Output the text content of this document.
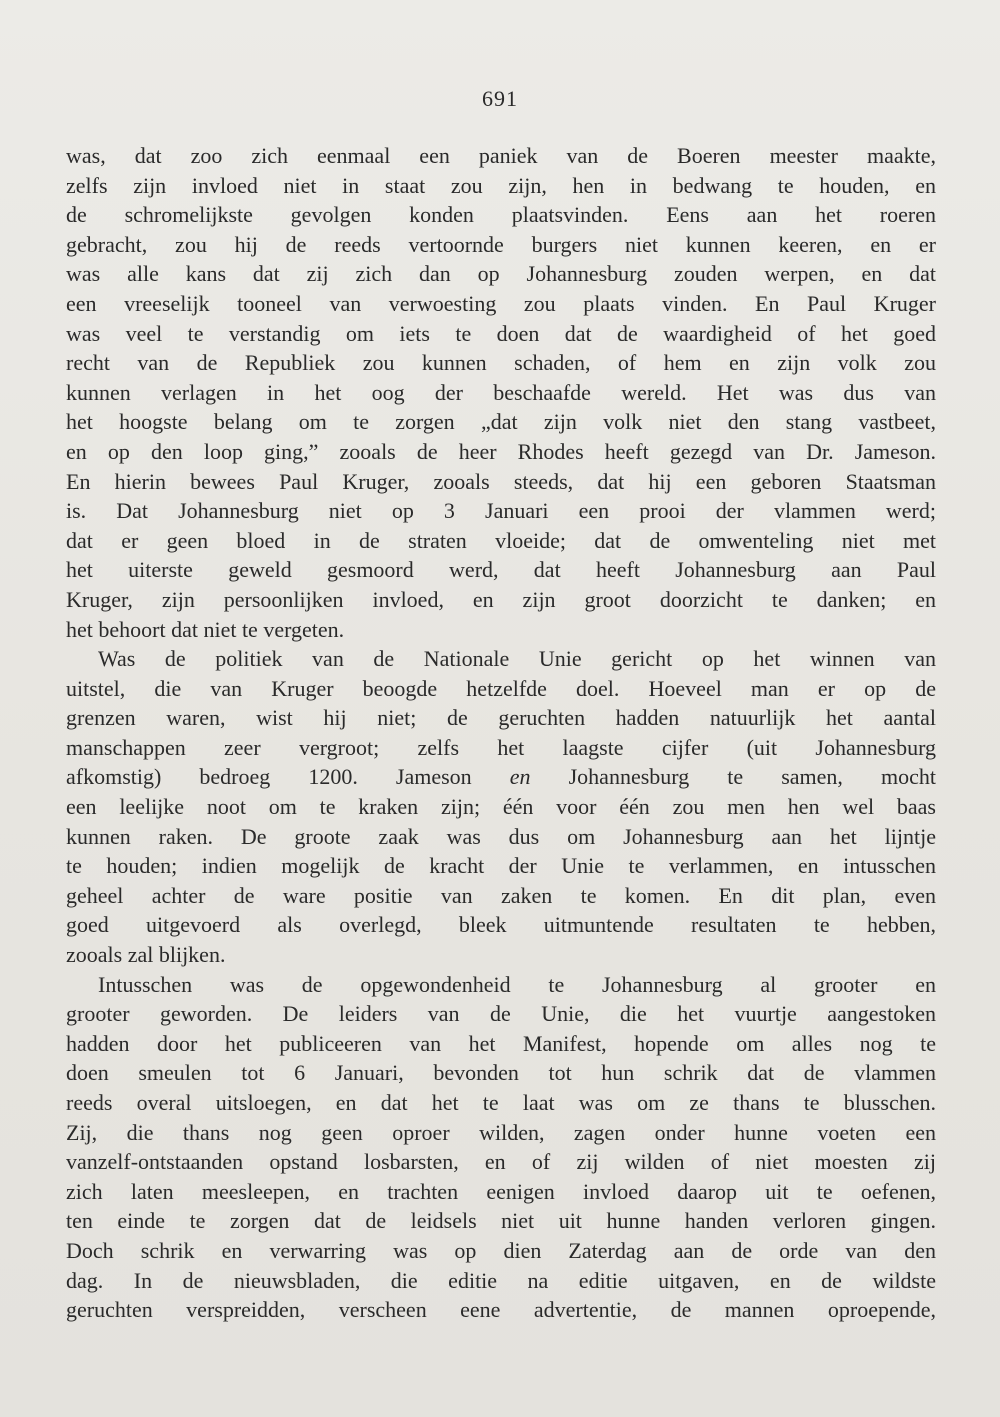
691
was, dat zoo zich eenmaal een paniek van de Boeren meester maakte,
zelfs zijn invloed niet in staat zou zijn, hen in bedwang te houden, en
de schromelijkste gevolgen konden plaatsvinden. Eens aan het roeren
gebracht, zou hij de reeds vertoornde burgers niet kunnen keeren, en er
was alle kans dat zij zich dan op Johannesburg zouden werpen, en dat
een vreeselijk tooneel van verwoesting zou plaats vinden. En Paul Kruger
was veel te verstandig om iets te doen dat de waardigheid of het goed
recht van de Republiek zou kunnen schaden, of hem en zijn volk zou
kunnen verlagen in het oog der beschaafde wereld. Het was dus van
het hoogste belang om te zorgen „dat zijn volk niet den stang vastbeet,
en op den loop ging,” zooals de heer Rhodes heeft gezegd van Dr. Jameson.
En hierin bewees Paul Kruger, zooals steeds, dat hij een geboren Staatsman
is. Dat Johannesburg niet op 3 Januari een prooi der vlammen werd;
dat er geen bloed in de straten vloeide; dat de omwenteling niet met
het uiterste geweld gesmoord werd, dat heeft Johannesburg aan Paul
Kruger, zijn persoonlijken invloed, en zijn groot doorzicht te danken; en
het behoort dat niet te vergeten.
Was de politiek van de Nationale Unie gericht op het winnen van
uitstel, die van Kruger beoogde hetzelfde doel. Hoeveel man er op de
grenzen waren, wist hij niet; de geruchten hadden natuurlijk het aantal
manschappen zeer vergroot; zelfs het laagste cijfer (uit Johannesburg
afkomstig) bedroeg 1200. Jameson en Johannesburg te samen, mocht
een leelijke noot om te kraken zijn; één voor één zou men hen wel baas
kunnen raken. De groote zaak was dus om Johannesburg aan het lijntje
te houden; indien mogelijk de kracht der Unie te verlammen, en intusschen
geheel achter de ware positie van zaken te komen. En dit plan, even
goed uitgevoerd als overlegd, bleek uitmuntende resultaten te hebben,
zooals zal blijken.
Intusschen was de opgewondenheid te Johannesburg al grooter en
grooter geworden. De leiders van de Unie, die het vuurtje aangestoken
hadden door het publiceeren van het Manifest, hopende om alles nog te
doen smeulen tot 6 Januari, bevonden tot hun schrik dat de vlammen
reeds overal uitsloegen, en dat het te laat was om ze thans te blusschen.
Zij, die thans nog geen oproer wilden, zagen onder hunne voeten een
vanzelf-ontstaanden opstand losbarsten, en of zij wilden of niet moesten zij
zich laten meesleepen, en trachten eenigen invloed daarop uit te oefenen,
ten einde te zorgen dat de leidsels niet uit hunne handen verloren gingen.
Doch schrik en verwarring was op dien Zaterdag aan de orde van den
dag. In de nieuwsbladen, die editie na editie uitgaven, en de wildste
geruchten verspreidden, verscheen eene advertentie, de mannen oproepende,
